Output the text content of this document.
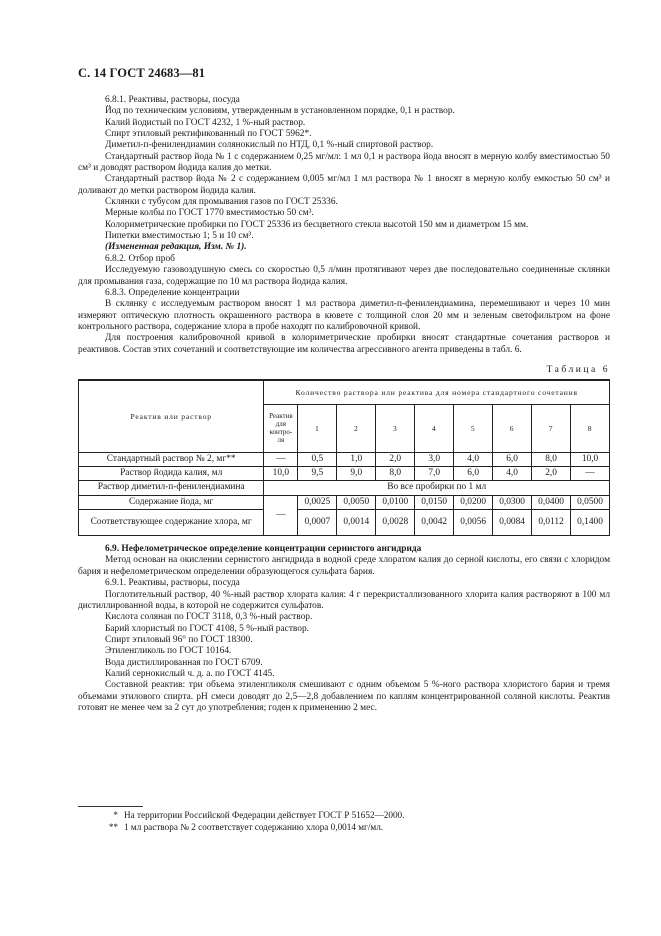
С. 14 ГОСТ 24683—81

6.8.1. Реактивы, растворы, посуда

Йод по техническим условиям, утвержденным в установленном порядке, 0,1 н раствор.

Калий йодистый по ГОСТ 4232, 1 %-ный раствор.

Спирт этиловый ректификованный по ГОСТ 5962*.

Диметил-п-фенилендиамин солянокислый по НТД, 0,1 %-ный спиртовой раствор.

Стандартный раствор йода № 1 с содержанием 0,25 мг/мл: 1 мл 0,1 н раствора йода вносят в мерную колбу вместимостью 50 см³ и доводят раствором йодида калия до метки.

Стандартный раствор йода № 2 с содержанием 0,005 мг/мл 1 мл раствора № 1 вносят в мерную колбу емкостью 50 см³ и доливают до метки раствором йодида калия.

Склянки с тубусом для промывания газов по ГОСТ 25336.

Мерные колбы по ГОСТ 1770 вместимостью 50 см³.

Колориметрические пробирки по ГОСТ 25336 из бесцветного стекла высотой 150 мм и диаметром 15 мм.

Пипетки вместимостью 1; 5 и 10 см³.

(Измененная редакция, Изм. № 1).

6.8.2. Отбор проб

Исследуемую газовоздушную смесь со скоростью 0,5 л/мин протягивают через две последовательно соединенные склянки для промывания газа, содержащие по 10 мл раствора йодида калия.

6.8.3. Определение концентрации

В склянку с исследуемым раствором вносят 1 мл раствора диметил-п-фенилендиамина, перемешивают и через 10 мин измеряют оптическую плотность окрашенного раствора в кювете с толщиной слоя 20 мм и зеленым светофильтром на фоне контрольного раствора, содержание хлора в пробе находят по калибровочной кривой.

Для построения калибровочной кривой в колориметрические пробирки вносят стандартные сочетания растворов и реактивов. Состав этих сочетаний и соответствующие им количества агрессивного агента приведены в табл. 6.

Таблица 6
Реактив или раствор	Количество раствора или реактива для номера стандартного сочетания								
	Реактив для контро-ля	1	2	3	4	5	6	7	8
Стандартный раствор № 2, мг**	—	0,5	1,0	2,0	3,0	4,0	6,0	8,0	10,0
Раствор йодида калия, мл	10,0	9,5	9,0	8,0	7,0	6,0	4,0	2,0	—
Раствор диметил-п-фенилендиамина	Во все пробирки по 1 мл								
Содержание йода, мг	—	0,0025	0,0050	0,0100	0,0150	0,0200	0,0300	0,0400	0,0500
Соответствующее содержание хлора, мг		0,0007	0,0014	0,0028	0,0042	0,0056	0,0084	0,0112	0,1400

6.9. Нефелометрическое определение концентрации сернистого ангидрида

Метод основан на окислении сернистого ангидрида в водной среде хлоратом калия до серной кислоты, его связи с хлоридом бария и нефелометрическом определении образующегося сульфата бария.

6.9.1. Реактивы, растворы, посуда

Поглотительный раствор, 40 %-ный раствор хлората калия: 4 г перекристаллизованного хлорита калия растворяют в 100 мл дистиллированной воды, в которой не содержится сульфатов.

Кислота соляная по ГОСТ 3118, 0,3 %-ный раствор.

Барий хлористый по ГОСТ 4108, 5 %-ный раствор.

Спирт этиловый 96° по ГОСТ 18300.

Этиленгликоль по ГОСТ 10164.

Вода дистиллированная по ГОСТ 6709.

Калий сернокислый ч. д. а. по ГОСТ 4145.

Составной реактив: три объема этиленгликоля смешивают с одним объемом 5 %-ного раствора хлористого бария и тремя объемами этилового спирта. pH смеси доводят до 2,5—2,8 добавлением по каплям концентрированной соляной кислоты. Реактив готовят не менее чем за 2 сут до употребления; годен к применению 2 мес.

* На территории Российской Федерации действует ГОСТ Р 51652—2000.

** 1 мл раствора № 2 соответствует содержанию хлора 0,0014 мг/мл.
